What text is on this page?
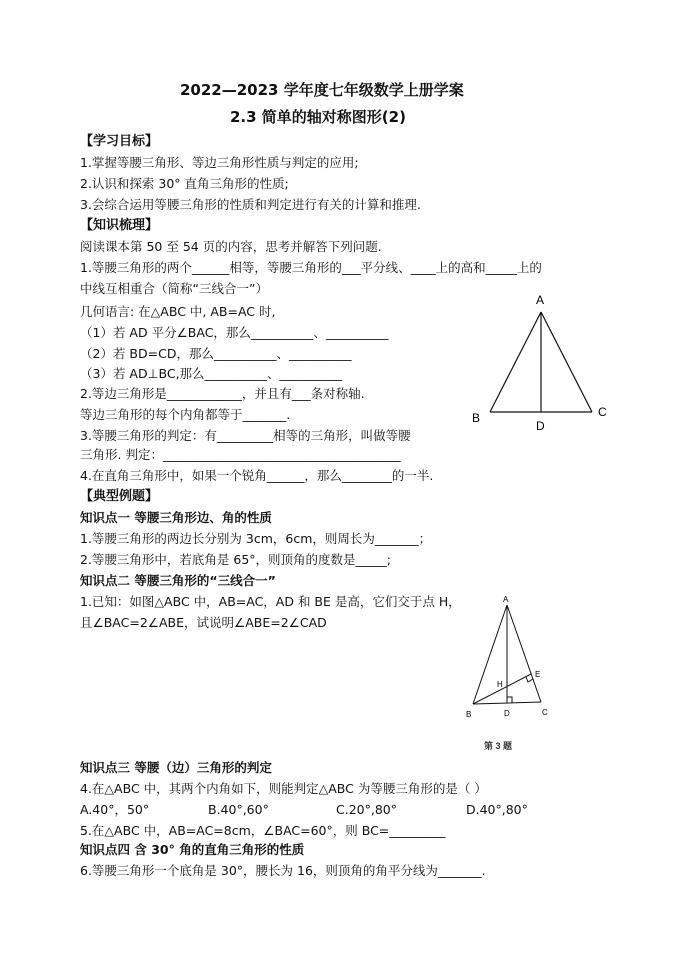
2022—2023 学年度七年级数学上册学案
2.3 简单的轴对称图形(2)
【学习目标】
1.掌握等腰三角形、等边三角形性质与判定的应用;
2.认识和探索 30° 直角三角形的性质;
3.会综合运用等腰三角形的性质和判定进行有关的计算和推理.
【知识梳理】
阅读课本第 50 至 54 页的内容，思考并解答下列问题.
1.等腰三角形的两个______相等，等腰三角形的___平分线、____上的高和_____上的
中线互相重合（简称“三线合一”）
几何语言: 在△ABC 中, AB=AC 时,
（1）若 AD 平分∠BAC，那么__________、__________
（2）若 BD=CD，那么__________、__________
（3）若 AD⊥BC,那么__________、__________
2.等边三角形是____________，并且有___条对称轴.
等边三角形的每个内角都等于_______.
3.等腰三角形的判定：有_________相等的三角形，叫做等腰
三角形. 判定：______________________________________
4.在直角三角形中，如果一个锐角______，那么________的一半.
【典型例题】
知识点一 等腰三角形边、角的性质
1.等腰三角形的两边长分别为 3cm，6cm，则周长为_______；
2.等腰三角形中，若底角是 65°，则顶角的度数是_____;
知识点二 等腰三角形的“三线合一”
1.已知：如图△ABC 中，AB=AC，AD 和 BE 是高，它们交于点 H，
且∠BAC=2∠ABE，试说明∠ABE=2∠CAD
知识点三 等腰（边）三角形的判定
4.在△ABC 中，其两个内角如下，则能判定△ABC 为等腰三角形的是（ ）
A.40°，50°	B.40°,60°	C.20°,80°	D.40°,80°
5.在△ABC 中，AB=AC=8cm，∠BAC=60°，则 BC=_________
知识点四 含 30° 角的直角三角形的性质
6.等腰三角形一个底角是 30°，腰长为 16，则顶角的角平分线为_______.
A
B	C
D
A
B	C
D
E
H
第 3 题
